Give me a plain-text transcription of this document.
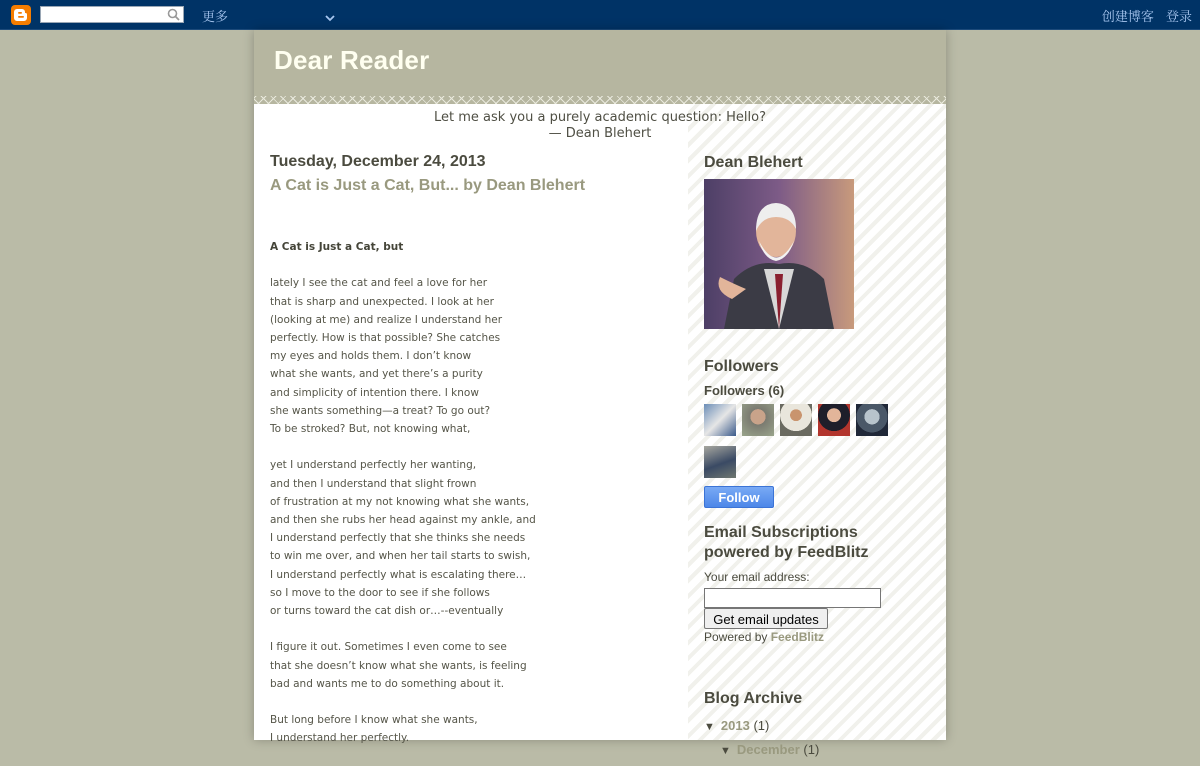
更多	创建博客 登录
Dear Reader
Let me ask you a purely academic question: Hello?
— Dean Blehert
Tuesday, December 24, 2013
A Cat is Just a Cat, But... by Dean Blehert
A Cat is Just a Cat, but
lately I see the cat and feel a love for her
that is sharp and unexpected. I look at her
(looking at me) and realize I understand her
perfectly. How is that possible? She catches
my eyes and holds them. I don’t know
what she wants, and yet there’s a purity
and simplicity of intention there. I know
she wants something—a treat? To go out?
To be stroked? But, not knowing what,
yet I understand perfectly her wanting,
and then I understand that slight frown
of frustration at my not knowing what she wants,
and then she rubs her head against my ankle, and
I understand perfectly that she thinks she needs
to win me over, and when her tail starts to swish,
I understand perfectly what is escalating there…
so I move to the door to see if she follows
or turns toward the cat dish or…--eventually
I figure it out. Sometimes I even come to see
that she doesn’t know what she wants, is feeling
bad and wants me to do something about it.
But long before I know what she wants,
I understand her perfectly.
Dean Blehert
Followers
Followers (6)
Follow
Email Subscriptions
powered by FeedBlitz
Your email address:
Get email updates
Powered by FeedBlitz
Blog Archive
▼ 2013 (1)
▼ December (1)
